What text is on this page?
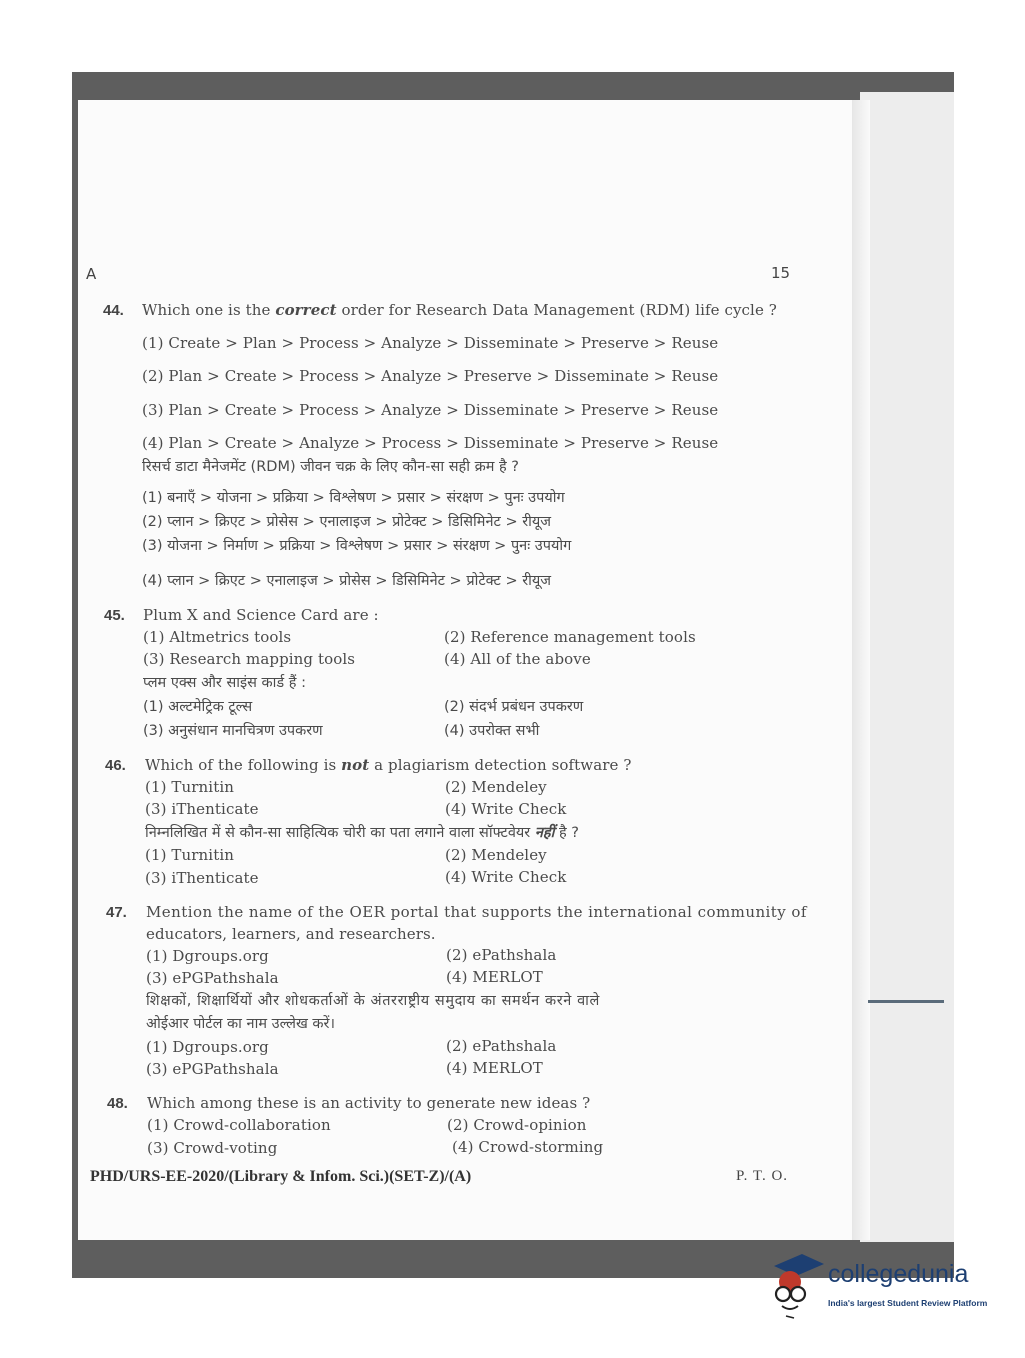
A	15
44. Which one is the correct order for Research Data Management (RDM) life cycle ?
(1) Create > Plan > Process > Analyze > Disseminate > Preserve > Reuse
(2) Plan > Create > Process > Analyze > Preserve > Disseminate > Reuse
(3) Plan > Create > Process > Analyze > Disseminate > Preserve > Reuse
(4) Plan > Create > Analyze > Process > Disseminate > Preserve > Reuse
रिसर्च डाटा मैनेजमेंट (RDM) जीवन चक्र के लिए कौन-सा सही क्रम है ?
(1) बनाएँ > योजना > प्रक्रिया > विश्लेषण > प्रसार > संरक्षण > पुनः उपयोग
(2) प्लान > क्रिएट > प्रोसेस > एनालाइज > प्रोटेक्ट > डिसिमिनेट > रीयूज
(3) योजना > निर्माण > प्रक्रिया > विश्लेषण > प्रसार > संरक्षण > पुनः उपयोग
(4) प्लान > क्रिएट > एनालाइज > प्रोसेस > डिसिमिनेट > प्रोटेक्ट > रीयूज
45. Plum X and Science Card are :
(1) Altmetrics tools	(2) Reference management tools
(3) Research mapping tools	(4) All of the above
प्लम एक्स और साइंस कार्ड हैं :
(1) अल्टमेट्रिक टूल्स	(2) संदर्भ प्रबंधन उपकरण
(3) अनुसंधान मानचित्रण उपकरण	(4) उपरोक्त सभी
46. Which of the following is not a plagiarism detection software ?
(1) Turnitin	(2) Mendeley
(3) iThenticate	(4) Write Check
निम्नलिखित में से कौन-सा साहित्यिक चोरी का पता लगाने वाला सॉफ्टवेयर नहीं है ?
(1) Turnitin	(2) Mendeley
(3) iThenticate	(4) Write Check
47. Mention the name of the OER portal that supports the international community of
educators, learners, and researchers.
(1) Dgroups.org	(2) ePathshala
(3) ePGPathshala	(4) MERLOT
शिक्षकों, शिक्षार्थियों और शोधकर्ताओं के अंतरराष्ट्रीय समुदाय का समर्थन करने वाले
ओईआर पोर्टल का नाम उल्लेख करें।
(1) Dgroups.org	(2) ePathshala
(3) ePGPathshala	(4) MERLOT
48. Which among these is an activity to generate new ideas ?
(1) Crowd-collaboration	(2) Crowd-opinion
(3) Crowd-voting	(4) Crowd-storming
PHD/URS-EE-2020/(Library & Infom. Sci.)(SET-Z)/(A)	P. T. O.
collegedunia
India's largest Student Review Platform
